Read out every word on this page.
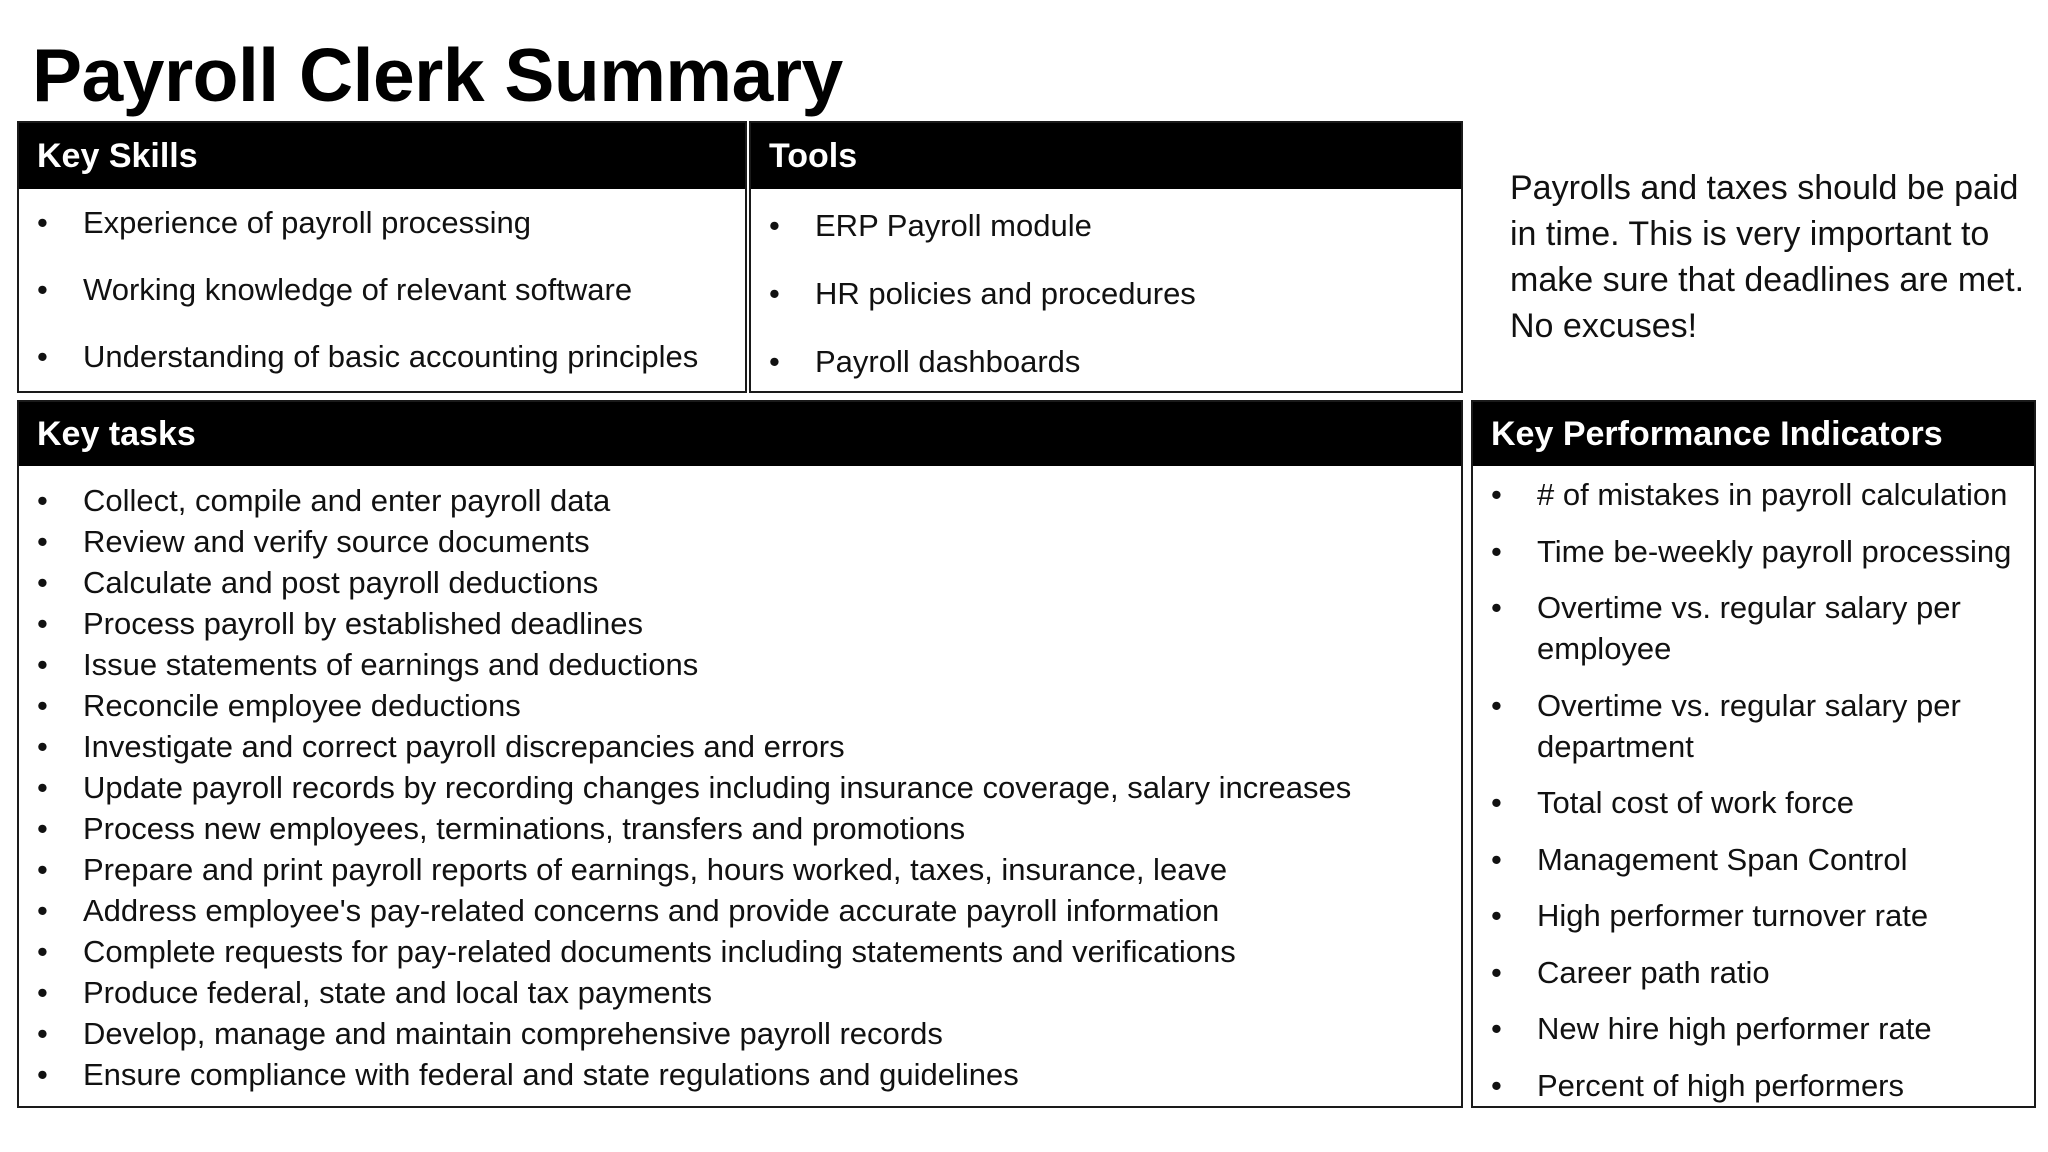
Payroll Clerk Summary
Key Skills
• Experience of payroll processing
• Working knowledge of relevant software
• Understanding of basic accounting principles
Tools
• ERP Payroll module
• HR policies and procedures
• Payroll dashboards

Payrolls and taxes should be paid in time. This is very important to make sure that deadlines are met. No excuses!

Key tasks
• Collect, compile and enter payroll data
• Review and verify source documents
• Calculate and post payroll deductions
• Process payroll by established deadlines
• Issue statements of earnings and deductions
• Reconcile employee deductions
• Investigate and correct payroll discrepancies and errors
• Update payroll records by recording changes including insurance coverage, salary increases
• Process new employees, terminations, transfers and promotions
• Prepare and print payroll reports of earnings, hours worked, taxes, insurance, leave
• Address employee's pay-related concerns and provide accurate payroll information
• Complete requests for pay-related documents including statements and verifications
• Produce federal, state and local tax payments
• Develop, manage and maintain comprehensive payroll records
• Ensure compliance with federal and state regulations and guidelines
Key Performance Indicators
• # of mistakes in payroll calculation
• Time be-weekly payroll processing
• Overtime vs. regular salary per employee
• Overtime vs. regular salary per department
• Total cost of work force
• Management Span Control
• High performer turnover rate
• Career path ratio
• New hire high performer rate
• Percent of high performers
